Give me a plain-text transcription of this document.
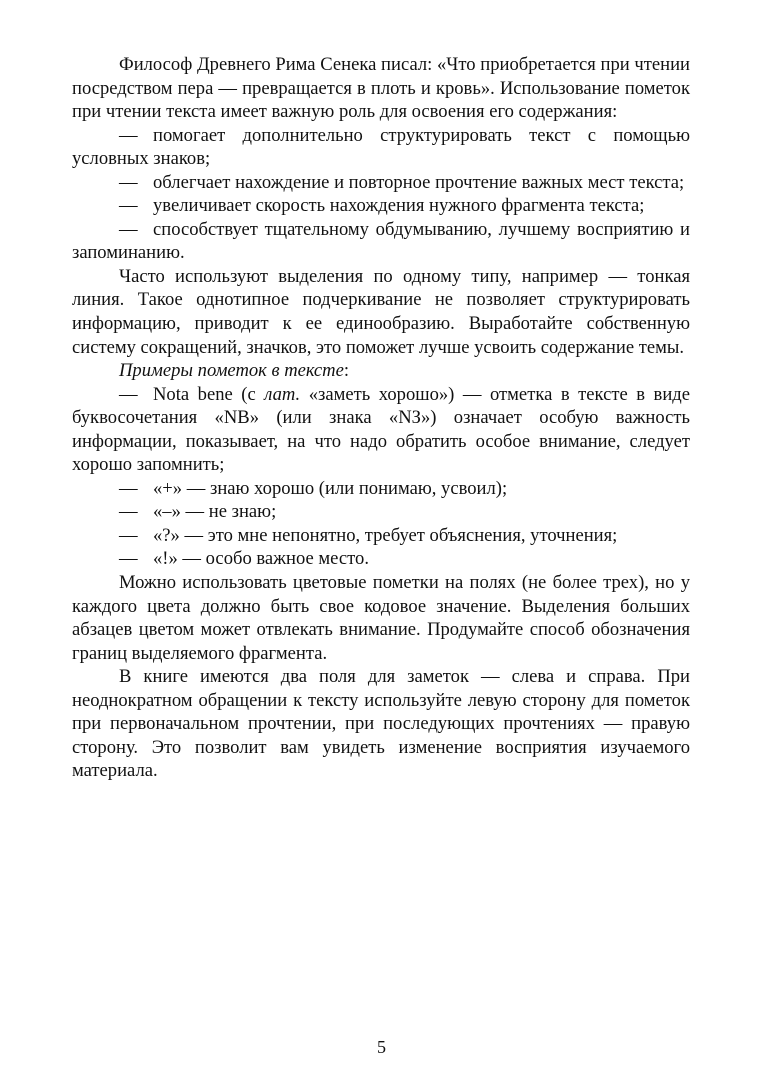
Философ Древнего Рима Сенека писал: «Что приобретается при чтении посредством пера — превращается в плоть и кровь». Использование пометок при чтении текста имеет важную роль для освоения его содержания:

— помогает дополнительно структурировать текст с помощью условных знаков;

— облегчает нахождение и повторное прочтение важных мест текста;

— увеличивает скорость нахождения нужного фрагмента текста;

— способствует тщательному обдумыванию, лучшему восприятию и запоминанию.

Часто используют выделения по одному типу, например — тонкая линия. Такое однотипное подчеркивание не позволяет структурировать информацию, приводит к ее единообразию. Выработайте собственную систему сокращений, значков, это поможет лучше усвоить содержание темы.

Примеры пометок в тексте:

— Nota bene (с лат. «заметь хорошо») — отметка в тексте в виде буквосочетания «NB» (или знака «NЗ») означает особую важность информации, показывает, на что надо обратить особое внимание, следует хорошо запомнить;

— «+» — знаю хорошо (или понимаю, усвоил);

— «–» — не знаю;

— «?» — это мне непонятно, требует объяснения, уточнения;

— «!» — особо важное место.

Можно использовать цветовые пометки на полях (не более трех), но у каждого цвета должно быть свое кодовое значение. Выделения больших абзацев цветом может отвлекать внимание. Продумайте способ обозначения границ выделяемого фрагмента.

В книге имеются два поля для заметок — слева и справа. При неоднократном обращении к тексту используйте левую сторону для пометок при первоначальном прочтении, при последующих прочтениях — правую сторону. Это позволит вам увидеть изменение восприятия изучаемого материала.

5
